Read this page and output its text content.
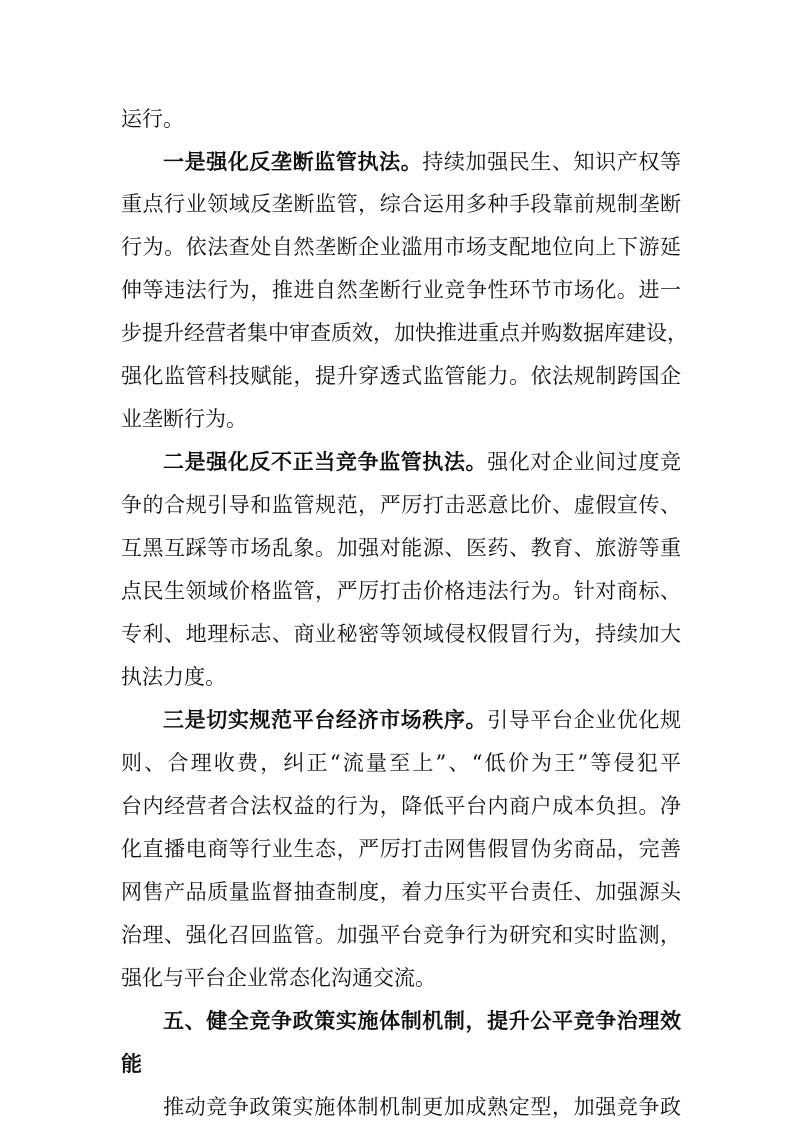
运行。
一是强化反垄断监管执法。持续加强民生、知识产权等
重点行业领域反垄断监管，综合运用多种手段靠前规制垄断
行为。依法查处自然垄断企业滥用市场支配地位向上下游延
伸等违法行为，推进自然垄断行业竞争性环节市场化。进一
步提升经营者集中审查质效，加快推进重点并购数据库建设，
强化监管科技赋能，提升穿透式监管能力。依法规制跨国企
业垄断行为。
二是强化反不正当竞争监管执法。强化对企业间过度竞
争的合规引导和监管规范，严厉打击恶意比价、虚假宣传、
互黑互踩等市场乱象。加强对能源、医药、教育、旅游等重
点民生领域价格监管，严厉打击价格违法行为。针对商标、
专利、地理标志、商业秘密等领域侵权假冒行为，持续加大
执法力度。
三是切实规范平台经济市场秩序。引导平台企业优化规
则、合理收费，纠正“流量至上”、“低价为王”等侵犯平
台内经营者合法权益的行为，降低平台内商户成本负担。净
化直播电商等行业生态，严厉打击网售假冒伪劣商品，完善
网售产品质量监督抽查制度，着力压实平台责任、加强源头
治理、强化召回监管。加强平台竞争行为研究和实时监测，
强化与平台企业常态化沟通交流。
五、健全竞争政策实施体制机制，提升公平竞争治理效
能
推动竞争政策实施体制机制更加成熟定型，加强竞争政
